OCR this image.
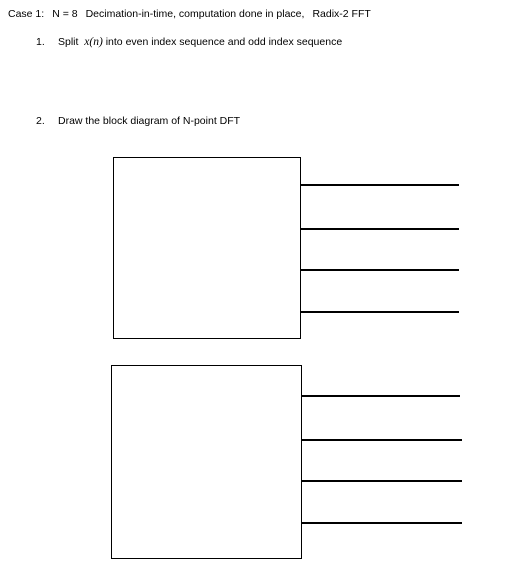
Case 1: N = 8 Decimation-in-time, computation done in place, Radix-2 FFT
1. Split x(n) into even index sequence and odd index sequence
2. Draw the block diagram of N-point DFT
